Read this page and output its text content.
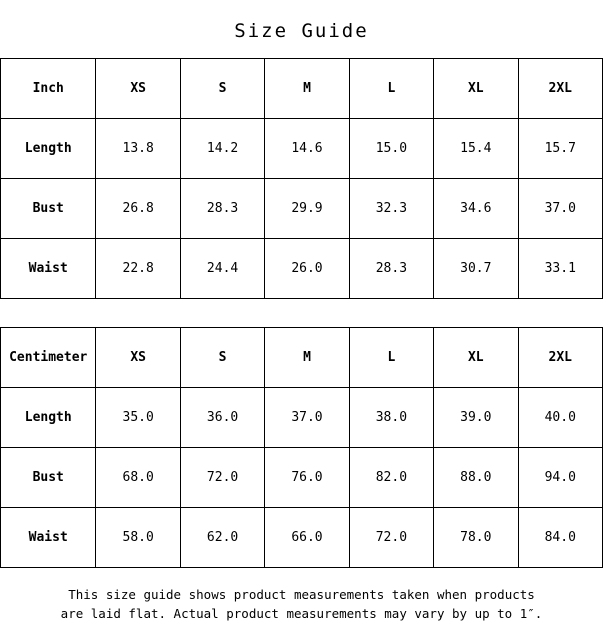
Size Guide
Inch	XS	S	M	L	XL	2XL
Length	13.8	14.2	14.6	15.0	15.4	15.7
Bust	26.8	28.3	29.9	32.3	34.6	37.0
Waist	22.8	24.4	26.0	28.3	30.7	33.1
Centimeter	XS	S	M	L	XL	2XL
Length	35.0	36.0	37.0	38.0	39.0	40.0
Bust	68.0	72.0	76.0	82.0	88.0	94.0
Waist	58.0	62.0	66.0	72.0	78.0	84.0
This size guide shows product measurements taken when products
are laid flat. Actual product measurements may vary by up to 1″.
